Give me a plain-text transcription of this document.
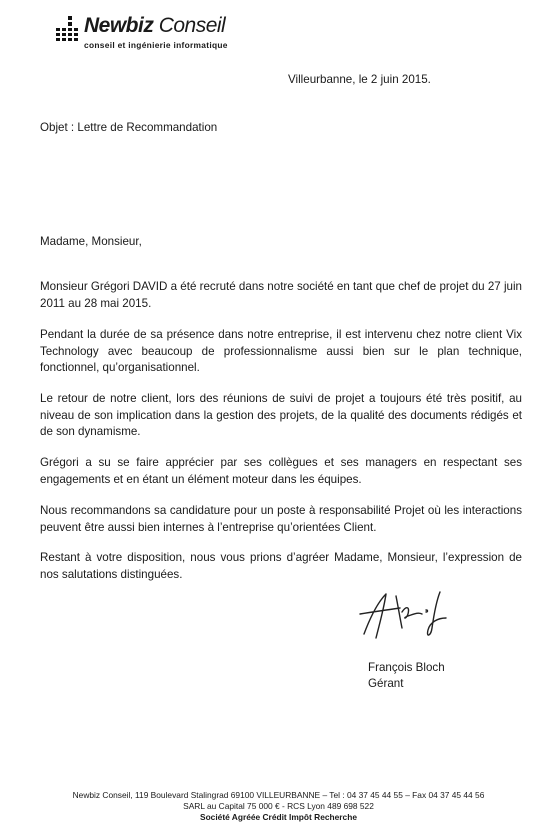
Newbiz Conseil
conseil et ingénierie informatique
Villeurbanne, le 2 juin 2015.
Objet : Lettre de Recommandation
Madame, Monsieur,
Monsieur Grégori DAVID a été recruté dans notre société en tant que chef de projet du 27 juin 2011 au 28 mai 2015.
Pendant la durée de sa présence dans notre entreprise, il est intervenu chez notre client Vix Technology avec beaucoup de professionnalisme aussi bien sur le plan technique, fonctionnel, qu’organisationnel.
Le retour de notre client, lors des réunions de suivi de projet a toujours été très positif, au niveau de son implication dans la gestion des projets, de la qualité des documents rédigés et de son dynamisme.
Grégori a su se faire apprécier par ses collègues et ses managers en respectant ses engagements et en étant un élément moteur dans les équipes.
Nous recommandons sa candidature pour un poste à responsabilité Projet où les interactions peuvent être aussi bien internes à l’entreprise qu’orientées Client.
Restant à votre disposition, nous vous prions d’agréer Madame, Monsieur, l’expression de nos salutations distinguées.
François Bloch
Gérant
Newbiz Conseil, 119 Boulevard Stalingrad 69100 VILLEURBANNE – Tel : 04 37 45 44 55 – Fax 04 37 45 44 56
SARL au Capital 75 000 € - RCS Lyon 489 698 522
Société Agréée Crédit Impôt Recherche
